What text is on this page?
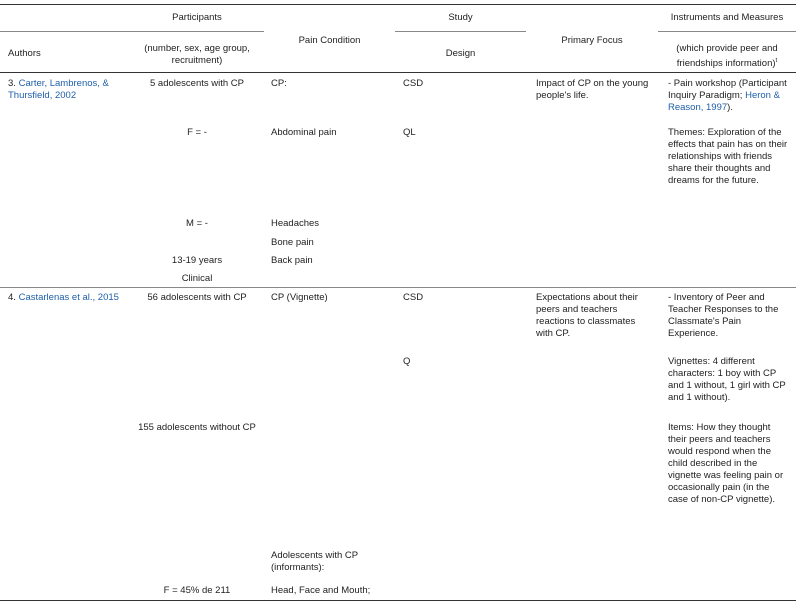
Participants
Authors	(number, sex, age group, recruitment)
Pain Condition
Study
Design
Primary Focus
Instruments and Measures
(which provide peer and friendships information)$^t$
3. Carter, Lambrenos, & Thursfield, 2002
5 adolescents with CP
F = -
M = -
13-19 years
Clinical
CP:
Abdominal pain
Headaches
Bone pain
Back pain
CSD
QL
Impact of CP on the young people's life.
- Pain workshop (Participant Inquiry Paradigm; Heron & Reason, 1997).
Themes: Exploration of the effects that pain has on their relationships with friends share their thoughts and dreams for the future.
4. Castarlenas et al., 2015	56 adolescents with CP
155 adolescents without CP
F = 45% de 211
CP (Vignette)
Adolescents with CP (informants):
Head, Face and Mouth;
CSD
Q
Expectations about their peers and teachers reactions to classmates with CP.
- Inventory of Peer and Teacher Responses to the Classmate's Pain Experience.
Vignettes: 4 different characters: 1 boy with CP and 1 without, 1 girl with CP and 1 without).
Items: How they thought their peers and teachers would respond when the child described in the vignette was feeling pain or occasionally pain (in the case of non-CP vignette).
